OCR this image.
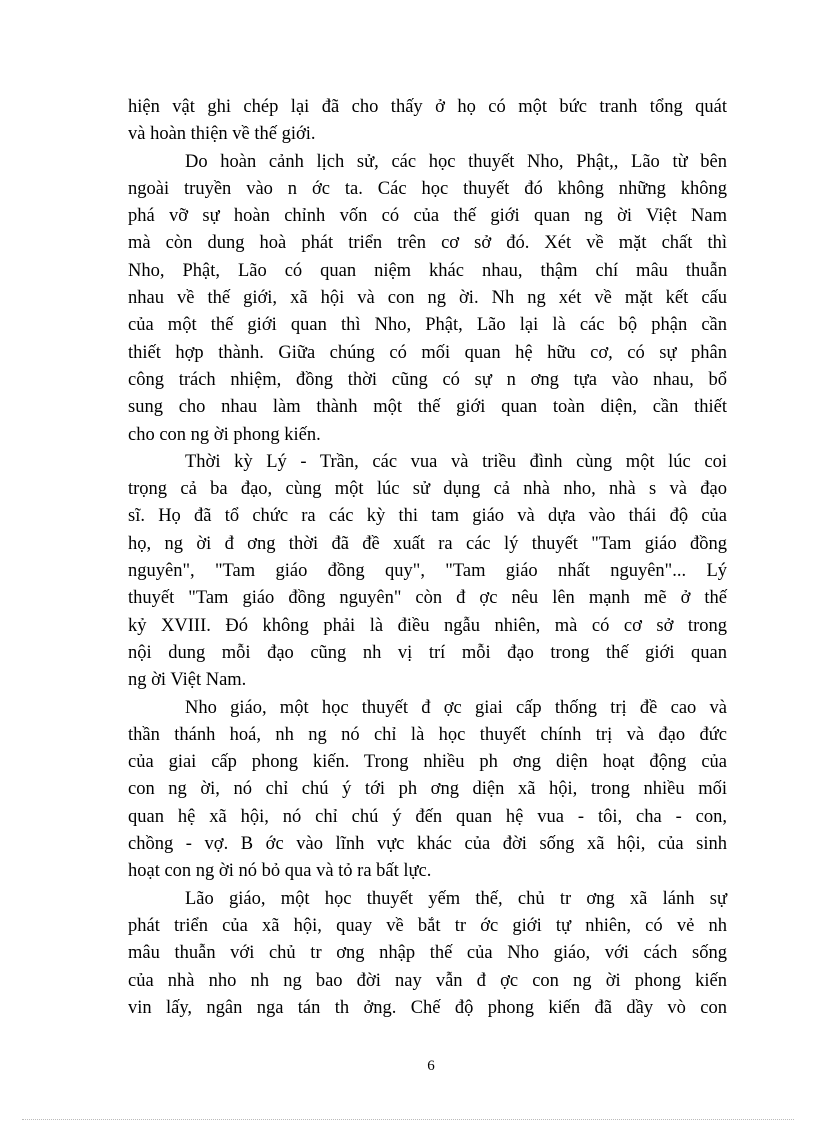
hiện vật ghi chép lại đã cho thấy ở họ có một bức tranh tổng quát
và hoàn thiện về thế giới.
Do hoàn cảnh lịch sử, các học thuyết Nho, Phật,, Lão từ bên
ngoài truyền vào n ớc ta. Các học thuyết đó không những không
phá vỡ sự hoàn chỉnh vốn có của thế giới quan ng ời Việt Nam
mà còn dung hoà phát triển trên cơ sở đó. Xét về mặt chất thì
Nho, Phật, Lão có quan niệm khác nhau, thậm chí mâu thuẫn
nhau về thế giới, xã hội và con ng ời. Nh ng xét về mặt kết cấu
của một thế giới quan thì Nho, Phật, Lão lại là các bộ phận cần
thiết hợp thành. Giữa chúng có mối quan hệ hữu cơ, có sự phân
công trách nhiệm, đồng thời cũng có sự n ơng tựa vào nhau, bổ
sung cho nhau làm thành một thế giới quan toàn diện, cần thiết
cho con ng ời phong kiến.
Thời kỳ Lý - Trần, các vua và triều đình cùng một lúc coi
trọng cả ba đạo, cùng một lúc sử dụng cả nhà nho, nhà s và đạo
sĩ. Họ đã tổ chức ra các kỳ thi tam giáo và dựa vào thái độ của
họ, ng ời đ ơng thời đã đề xuất ra các lý thuyết "Tam giáo đồng
nguyên", "Tam giáo đồng quy", "Tam giáo nhất nguyên"... Lý
thuyết "Tam giáo đồng nguyên" còn đ ợc nêu lên mạnh mẽ ở thế
kỷ XVIII. Đó không phải là điều ngẫu nhiên, mà có cơ sở trong
nội dung mỗi đạo cũng nh vị trí mỗi đạo trong thế giới quan
ng ời Việt Nam.
Nho giáo, một học thuyết đ ợc giai cấp thống trị đề cao và
thần thánh hoá, nh ng nó chỉ là học thuyết chính trị và đạo đức
của giai cấp phong kiến. Trong nhiều ph ơng diện hoạt động của
con ng ời, nó chỉ chú ý tới ph ơng diện xã hội, trong nhiều mối
quan hệ xã hội, nó chỉ chú ý đến quan hệ vua - tôi, cha - con,
chồng - vợ. B ớc vào lĩnh vực khác của đời sống xã hội, của sinh
hoạt con ng ời nó bỏ qua và tỏ ra bất lực.
Lão giáo, một học thuyết yếm thế, chủ tr ơng xã lánh sự
phát triển của xã hội, quay về bắt tr ớc giới tự nhiên, có vẻ nh
mâu thuẫn với chủ tr ơng nhập thế của Nho giáo, với cách sống
của nhà nho nh ng bao đời nay vẫn đ ợc con ng ời phong kiến
vin lấy, ngân nga tán th ởng. Chế độ phong kiến đã dầy vò con
6
